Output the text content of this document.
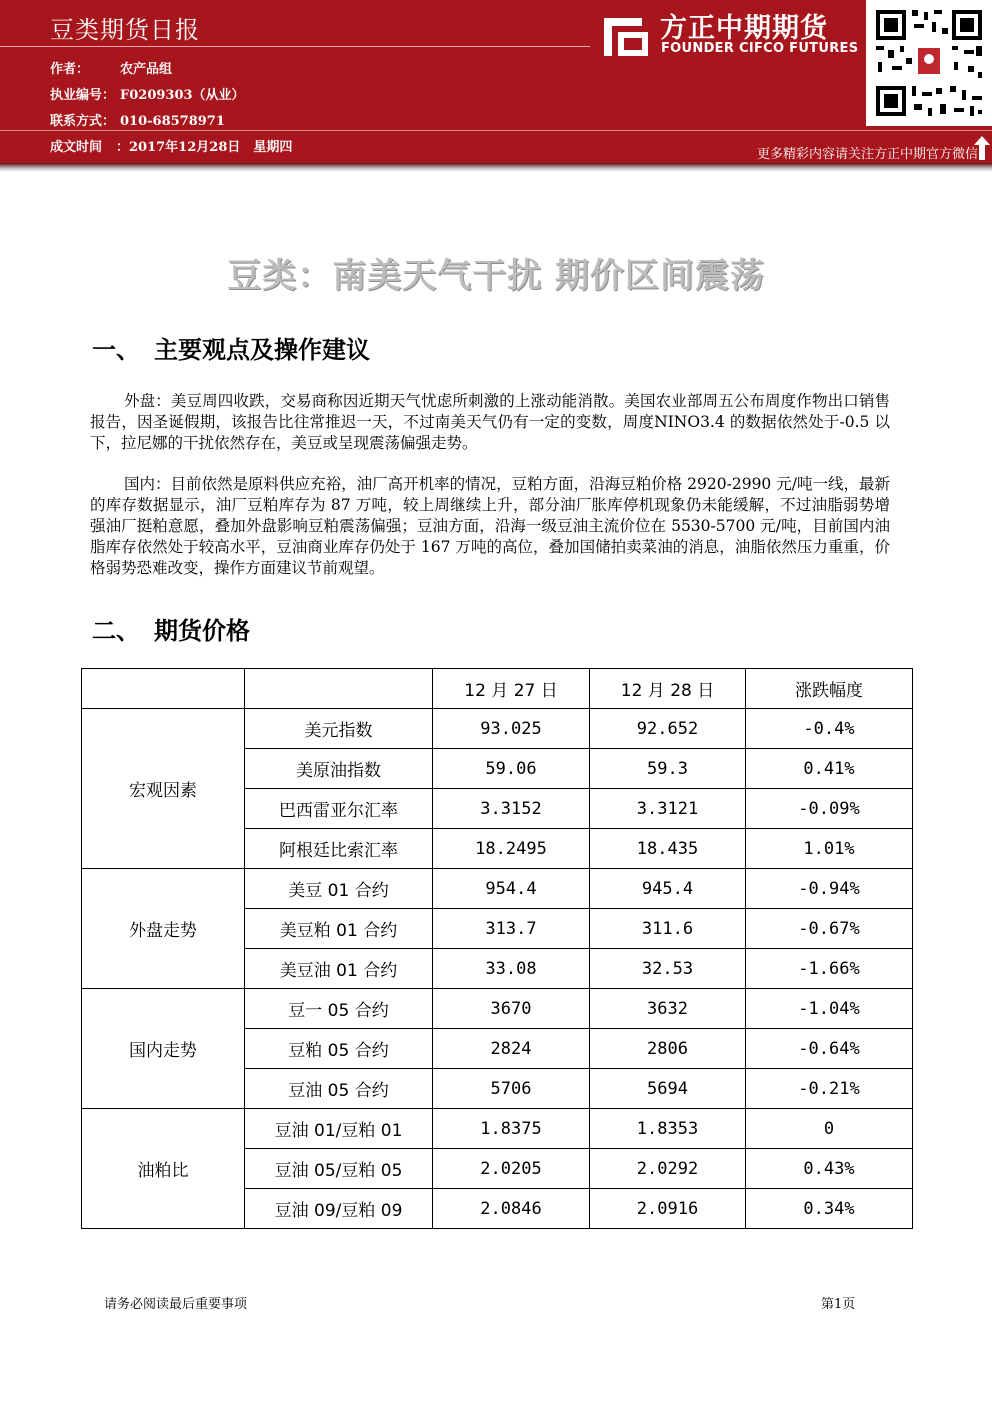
豆类期货日报
作者： 农产品组
执业编号： F0209303（从业）
联系方式： 010-68578971
成文时间 ：2017年12月28日　星期四
方正中期期货
FOUNDER CIFCO FUTURES
更多精彩内容请关注方正中期官方微信
豆类：南美天气干扰 期价区间震荡
一、 主要观点及操作建议

外盘：美豆周四收跌，交易商称因近期天气忧虑所刺激的上涨动能消散。美国农业部周五公布周度作物出口销售报告，因圣诞假期，该报告比往常推迟一天，不过南美天气仍有一定的变数，周度NINO3.4 的数据依然处于-0.5 以下，拉尼娜的干扰依然存在，美豆或呈现震荡偏强走势。

国内：目前依然是原料供应充裕，油厂高开机率的情况，豆粕方面，沿海豆粕价格 2920-2990 元/吨一线，最新的库存数据显示，油厂豆粕库存为 87 万吨，较上周继续上升，部分油厂胀库停机现象仍未能缓解，不过油脂弱势增强油厂挺粕意愿，叠加外盘影响豆粕震荡偏强；豆油方面，沿海一级豆油主流价位在 5530-5700 元/吨，目前国内油脂库存依然处于较高水平，豆油商业库存仍处于 167 万吨的高位，叠加国储拍卖菜油的消息，油脂依然压力重重，价格弱势恐难改变，操作方面建议节前观望。

二、 期货价格
		12 月 27 日	12 月 28 日	涨跌幅度
宏观因素	美元指数	93.025	92.652	-0.4%
	美原油指数	59.06	59.3	0.41%
	巴西雷亚尔汇率	3.3152	3.3121	-0.09%
	阿根廷比索汇率	18.2495	18.435	1.01%
外盘走势	美豆 01 合约	954.4	945.4	-0.94%
	美豆粕 01 合约	313.7	311.6	-0.67%
	美豆油 01 合约	33.08	32.53	-1.66%
国内走势	豆一 05 合约	3670	3632	-1.04%
	豆粕 05 合约	2824	2806	-0.64%
	豆油 05 合约	5706	5694	-0.21%
油粕比	豆油 01/豆粕 01	1.8375	1.8353	0
	豆油 05/豆粕 05	2.0205	2.0292	0.43%
	豆油 09/豆粕 09	2.0846	2.0916	0.34%
请务必阅读最后重要事项	第1页
